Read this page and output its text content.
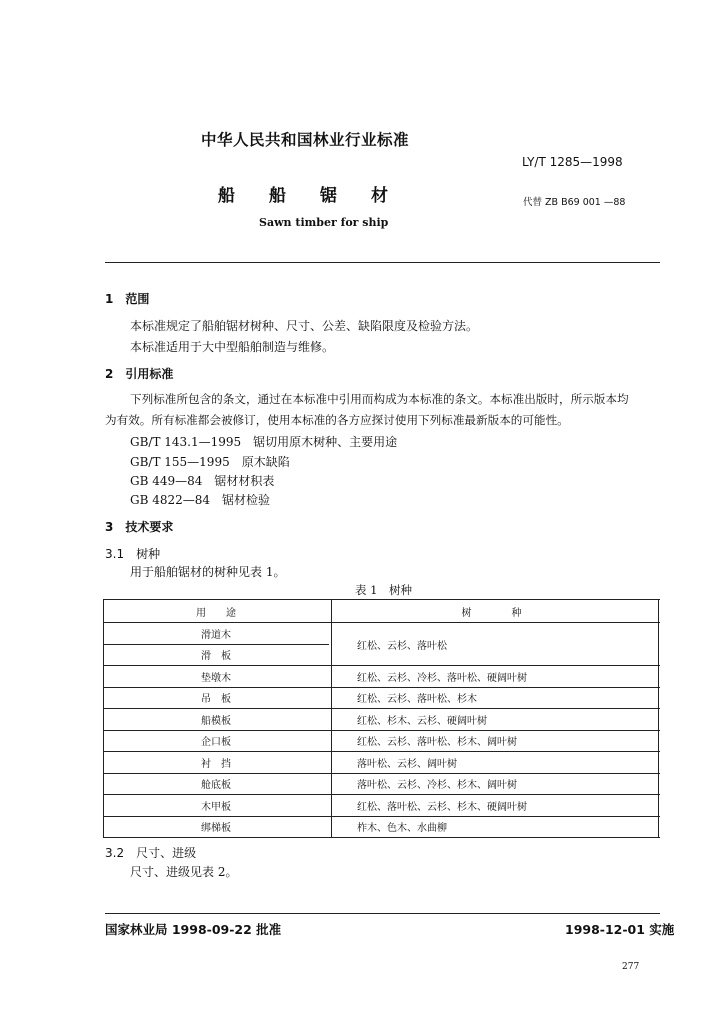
中华人民共和国林业行业标准
LY/T 1285—1998
船　　船　　锯　　材	代替 ZB B69 001 —88
Sawn timber for ship
1　范围
本标准规定了船舶锯材树种、尺寸、公差、缺陷限度及检验方法。
本标准适用于大中型船舶制造与维修。
2　引用标准
下列标准所包含的条文，通过在本标准中引用而构成为本标准的条文。本标准出版时，所示版本均
为有效。所有标准都会被修订，使用本标准的各方应探讨使用下列标准最新版本的可能性。
GB/T 143.1—1995　锯切用原木树种、主要用途
GB/T 155—1995　原木缺陷
GB 449—84　锯材材积表
GB 4822—84　锯材检验
3　技术要求
3.1　树种
用于船舶锯材的树种见表 1。
表 1　树种
用　　途	树　　　　种
滑道木	红松、云杉、落叶松
滑　板	
垫墩木	红松、云杉、冷杉、落叶松、硬阔叶树
吊　板	红松、云杉、落叶松、杉木
船模板	红松、杉木、云杉、硬阔叶树
企口板	红松、云杉、落叶松、杉木、阔叶树
衬　挡	落叶松、云杉、阔叶树
舱底板	落叶松、云杉、冷杉、杉木、阔叶树
木甲板	红松、落叶松、云杉、杉木、硬阔叶树
绑梯板	柞木、色木、水曲柳
3.2　尺寸、进级
尺寸、进级见表 2。
国家林业局 1998-09-22 批准	1998-12-01 实施
277
